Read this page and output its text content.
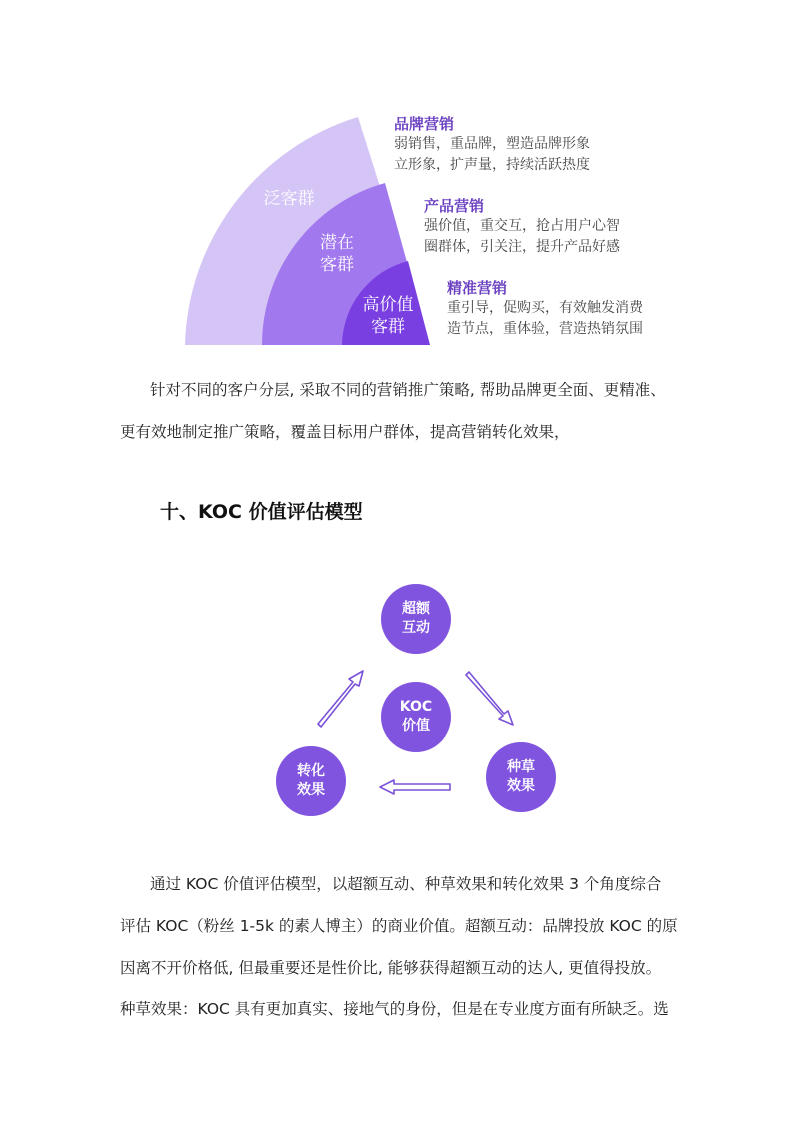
泛客群
潜在
客群
高价值
客群
品牌营销
弱销售，重品牌，塑造品牌形象
立形象，扩声量，持续活跃热度
产品营销
强价值，重交互，抢占用户心智
圈群体，引关注，提升产品好感
精准营销
重引导，促购买，有效触发消费
造节点，重体验，营造热销氛围
针对不同的客户分层, 采取不同的营销推广策略, 帮助品牌更全面、更精准、
更有效地制定推广策略，覆盖目标用户群体，提高营销转化效果，
十、KOC 价值评估模型
超额
互动
KOC
价值
种草
效果
转化
效果
通过 KOC 价值评估模型，以超额互动、种草效果和转化效果 3 个角度综合
评估 KOC（粉丝 1-5k 的素人博主）的商业价值。超额互动：品牌投放 KOC 的原
因离不开价格低, 但最重要还是性价比, 能够获得超额互动的达人, 更值得投放。
种草效果：KOC 具有更加真实、接地气的身份，但是在专业度方面有所缺乏。选
